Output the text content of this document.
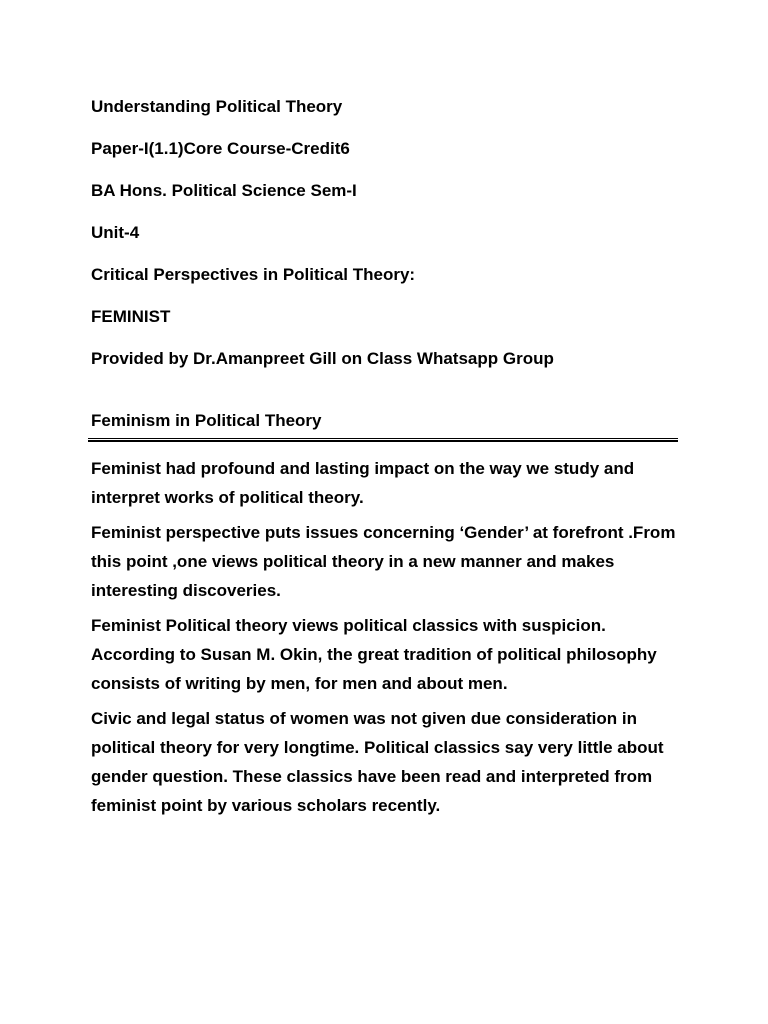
Understanding Political Theory
Paper-I(1.1)Core Course-Credit6
BA Hons. Political Science Sem-I
Unit-4
Critical Perspectives in Political Theory:
FEMINIST
Provided by Dr.Amanpreet Gill on Class Whatsapp Group
Feminism in Political Theory

Feminist had profound and lasting impact on the way we study and interpret works of political theory.

Feminist perspective puts issues concerning ‘Gender’ at forefront .From this point ,one views political theory in a new manner and makes interesting discoveries.

Feminist Political theory views political classics with suspicion. According to Susan M. Okin, the great tradition of political philosophy consists of writing by men, for men and about men.

Civic and legal status of women was not given due consideration in political theory for very longtime. Political classics say very little about gender question. These classics have been read and interpreted from feminist point by various scholars recently.
